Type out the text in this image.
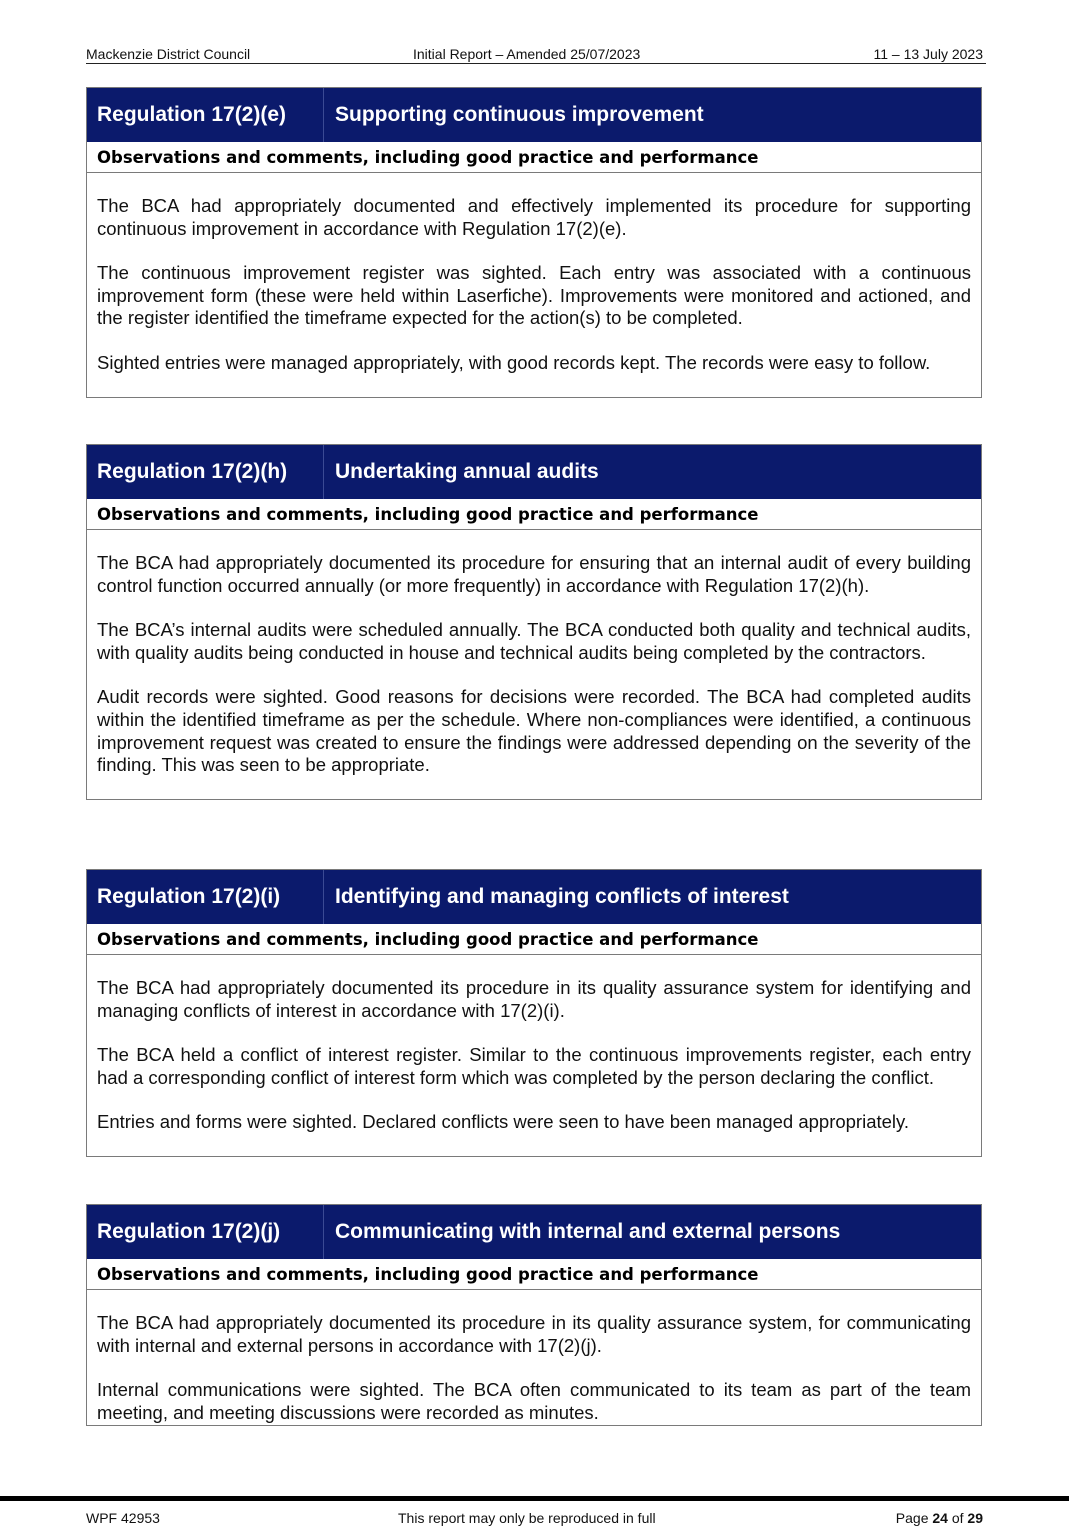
Mackenzie District Council	Initial Report – Amended 25/07/2023	11 – 13 July 2023
Regulation 17(2)(e)	Supporting continuous improvement
Observations and comments, including good practice and performance

The BCA had appropriately documented and effectively implemented its procedure for supporting continuous improvement in accordance with Regulation 17(2)(e).

The continuous improvement register was sighted. Each entry was associated with a continuous improvement form (these were held within Laserfiche). Improvements were monitored and actioned, and the register identified the timeframe expected for the action(s) to be completed.

Sighted entries were managed appropriately, with good records kept. The records were easy to follow.

Regulation 17(2)(h)	Undertaking annual audits
Observations and comments, including good practice and performance

The BCA had appropriately documented its procedure for ensuring that an internal audit of every building control function occurred annually (or more frequently) in accordance with Regulation 17(2)(h).

The BCA’s internal audits were scheduled annually. The BCA conducted both quality and technical audits, with quality audits being conducted in house and technical audits being completed by the contractors.

Audit records were sighted. Good reasons for decisions were recorded. The BCA had completed audits within the identified timeframe as per the schedule. Where non-compliances were identified, a continuous improvement request was created to ensure the findings were addressed depending on the severity of the finding. This was seen to be appropriate.

Regulation 17(2)(i)	Identifying and managing conflicts of interest
Observations and comments, including good practice and performance

The BCA had appropriately documented its procedure in its quality assurance system for identifying and managing conflicts of interest in accordance with 17(2)(i).

The BCA held a conflict of interest register. Similar to the continuous improvements register, each entry had a corresponding conflict of interest form which was completed by the person declaring the conflict.

Entries and forms were sighted. Declared conflicts were seen to have been managed appropriately.

Regulation 17(2)(j)	Communicating with internal and external persons
Observations and comments, including good practice and performance

The BCA had appropriately documented its procedure in its quality assurance system, for communicating with internal and external persons in accordance with 17(2)(j).

Internal communications were sighted. The BCA often communicated to its team as part of the team meeting, and meeting discussions were recorded as minutes.

WPF 42953	This report may only be reproduced in full	Page 24 of 29
